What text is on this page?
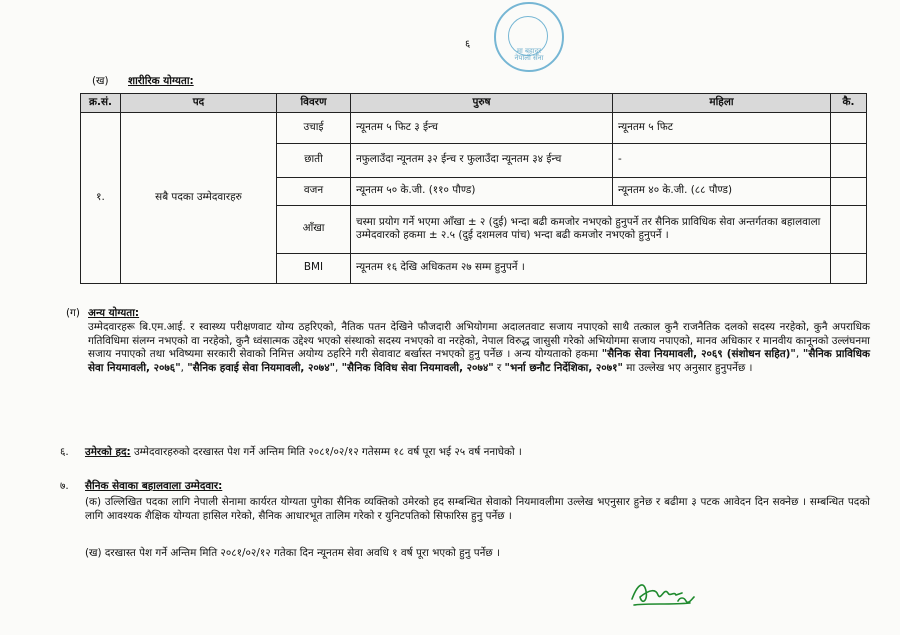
मा बहादुर
नेपाली सेना
६
(ख) शारीरिक योग्यता:
क्र.सं.	पद	विवरण	पुरुष	महिला	कै.
१.	सबै पदका उम्मेदवारहरु	उचाई	न्यूनतम ५ फिट ३ ईन्च	न्यूनतम ५ फिट	
		छाती	नफुलाउँदा न्यूनतम ३२ ईन्च र फुलाउँदा न्यूनतम ३४ ईन्च	-	
		वजन	न्यूनतम ५० के.जी. (११० पौण्ड)	न्यूनतम ४० के.जी. (८८ पौण्ड)	
		आँखा	चस्मा प्रयोग गर्ने भएमा आँखा ± २ (दुई) भन्दा बढी कमजोर नभएको हुनुपर्ने तर सैनिक प्राविधिक सेवा अन्तर्गतका बहालवाला उम्मेदवारको हकमा ± २.५ (दुई दशमलव पांच) भन्दा बढी कमजोर नभएको हुनुपर्ने ।		
		BMI	न्यूनतम १६ देखि अधिकतम २७ सम्म हुनुपर्ने ।		
(ग) अन्य योग्यता:
उम्मेदवारहरू बि.एम.आई. र स्वास्थ्य परीक्षणवाट योग्य ठहरिएको, नैतिक पतन देखिने फौजदारी अभियोगमा अदालतवाट सजाय नपाएको साथै तत्काल कुनै राजनैतिक दलको सदस्य नरहेको, कुनै अपराधिक गतिविधिमा संलग्न नभएको वा नरहेको, कुनै ध्वंसात्मक उद्देश्य भएको संस्थाको सदस्य नभएको वा नरहेको, नेपाल विरुद्ध जासुसी गरेको अभियोगमा सजाय नपाएको, मानव अधिकार र मानवीय कानूनको उल्लंघनमा सजाय नपाएको तथा भविष्यमा सरकारी सेवाको निमित्त अयोग्य ठहरिने गरी सेवावाट बर्खास्त नभएको हुनु पर्नेछ । अन्य योग्यताको हकमा "सैनिक सेवा नियमावली, २०६९ (संशोधन सहित)", "सैनिक प्राविधिक सेवा नियमावली, २०७६", "सैनिक हवाई सेवा नियमावली, २०७४", "सैनिक विविध सेवा नियमावली, २०७४" र "भर्ना छनौट निर्देशिका, २०७१" मा उल्लेख भए अनुसार हुनुपर्नेछ ।
६. उमेरको हद: उम्मेदवारहरुको दरखास्त पेश गर्ने अन्तिम मिति २०८१/०२/१२ गतेसम्म १८ वर्ष पूरा भई २५ वर्ष ननाघेको ।
७. सैनिक सेवाका बहालवाला उम्मेदवार:
(क) उल्लिखित पदका लागि नेपाली सेनामा कार्यरत योग्यता पुगेका सैनिक व्यक्तिको उमेरको हद सम्बन्धित सेवाको नियमावलीमा उल्लेख भएनुसार हुनेछ र बढीमा ३ पटक आवेदन दिन सक्नेछ । सम्बन्धित पदको लागि आवश्यक शैक्षिक योग्यता हासिल गरेको, सैनिक आधारभूत तालिम गरेको र युनिटपतिको सिफारिस हुनु पर्नेछ ।
(ख) दरखास्त पेश गर्ने अन्तिम मिति २०८१/०२/१२ गतेका दिन न्यूनतम सेवा अवधि १ वर्ष पूरा भएको हुनु पर्नेछ ।
